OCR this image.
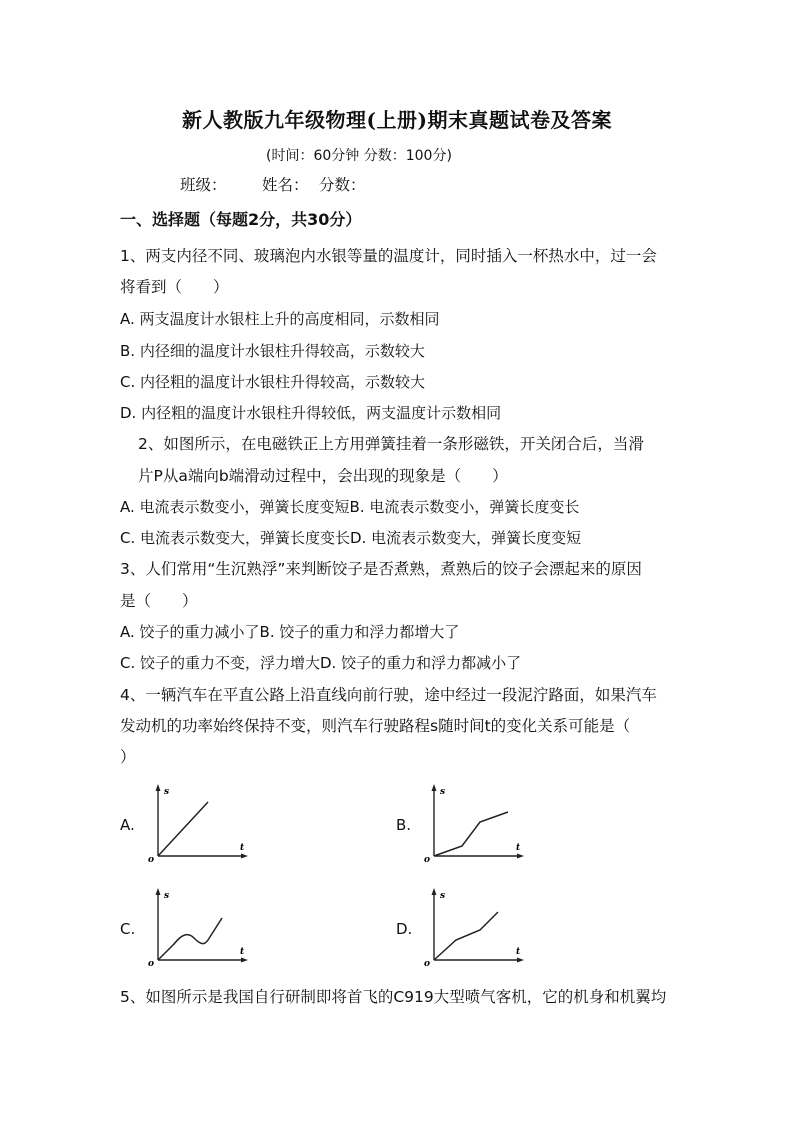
新人教版九年级物理(上册)期末真题试卷及答案
(时间：60分钟 分数：100分)
班级： 姓名： 分数：
一、选择题（每题2分，共30分）
1、两支内径不同、玻璃泡内水银等量的温度计，同时插入一杯热水中，过一会
将看到（　　）
A. 两支温度计水银柱上升的高度相同，示数相同
B. 内径细的温度计水银柱升得较高，示数较大
C. 内径粗的温度计水银柱升得较高，示数较大
D. 内径粗的温度计水银柱升得较低，两支温度计示数相同
2、如图所示，在电磁铁正上方用弹簧挂着一条形磁铁，开关闭合后，当滑
片P从a端向b端滑动过程中，会出现的现象是（　　）
A. 电流表示数变小，弹簧长度变短B. 电流表示数变小，弹簧长度变长
C. 电流表示数变大，弹簧长度变长D. 电流表示数变大，弹簧长度变短
3、人们常用“生沉熟浮”来判断饺子是否煮熟，煮熟后的饺子会漂起来的原因
是（　　）
A. 饺子的重力减小了B. 饺子的重力和浮力都增大了
C. 饺子的重力不变，浮力增大D. 饺子的重力和浮力都减小了
4、一辆汽车在平直公路上沿直线向前行驶，途中经过一段泥泞路面，如果汽车
发动机的功率始终保持不变，则汽车行驶路程s随时间t的变化关系可能是（
）
A.
s
t
o
B.
s
t
o
C.
s
t
o
D.
s
t
o
5、如图所示是我国自行研制即将首飞的C919大型喷气客机，它的机身和机翼均
